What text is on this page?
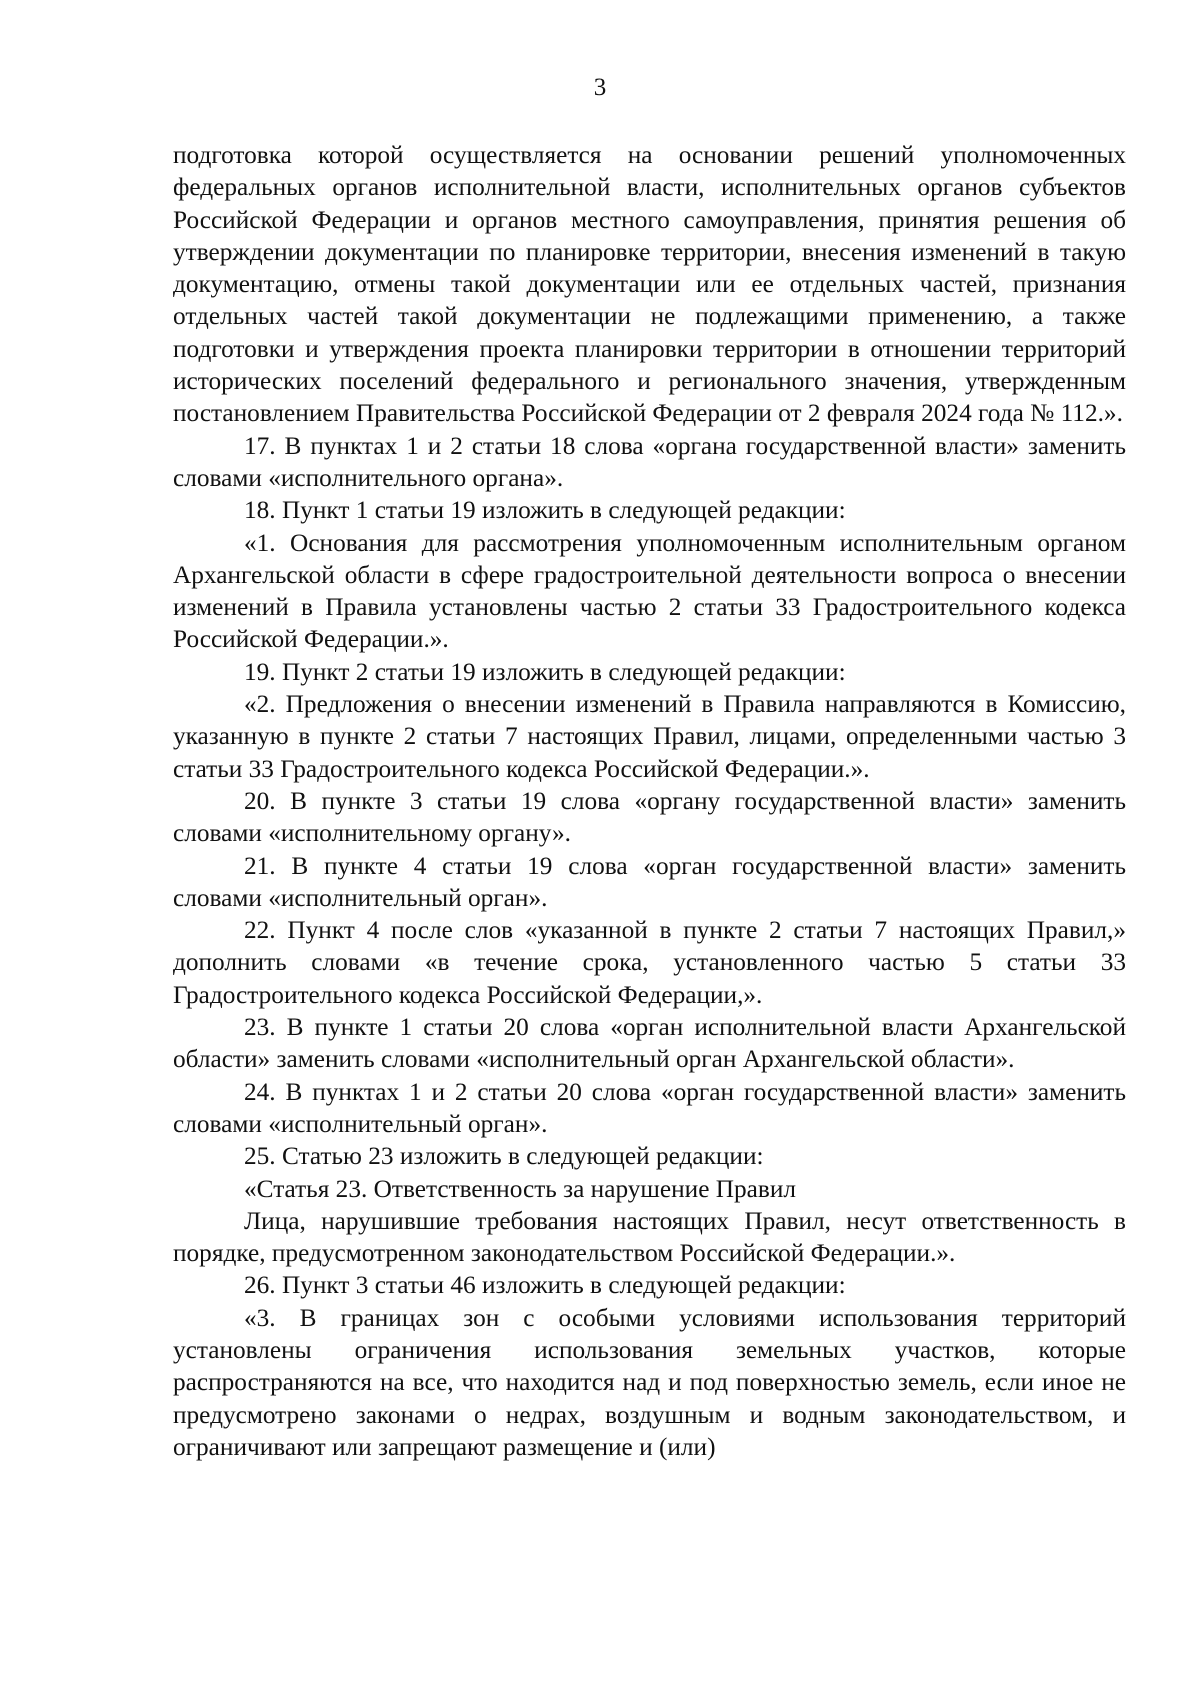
3

подготовка которой осуществляется на основании решений уполномоченных федеральных органов исполнительной власти, исполнительных органов субъектов Российской Федерации и органов местного самоуправления, принятия решения об утверждении документации по планировке территории, внесения изменений в такую документацию, отмены такой документации или ее отдельных частей, признания отдельных частей такой документации не подлежащими применению, а также подготовки и утверждения проекта планировки территории в отношении территорий исторических поселений федерального и регионального значения, утвержденным постановлением Правительства Российской Федерации от 2 февраля 2024 года № 112.».

17. В пунктах 1 и 2 статьи 18 слова «органа государственной власти» заменить словами «исполнительного органа».

18. Пункт 1 статьи 19 изложить в следующей редакции:

«1. Основания для рассмотрения уполномоченным исполнительным органом Архангельской области в сфере градостроительной деятельности вопроса о внесении изменений в Правила установлены частью 2 статьи 33 Градостроительного кодекса Российской Федерации.».

19. Пункт 2 статьи 19 изложить в следующей редакции:

«2. Предложения о внесении изменений в Правила направляются в Комиссию, указанную в пункте 2 статьи 7 настоящих Правил, лицами, определенными частью 3 статьи 33 Градостроительного кодекса Российской Федерации.».

20. В пункте 3 статьи 19 слова «органу государственной власти» заменить словами «исполнительному органу».

21. В пункте 4 статьи 19 слова «орган государственной власти» заменить словами «исполнительный орган».

22. Пункт 4 после слов «указанной в пункте 2 статьи 7 настоящих Правил,» дополнить словами «в течение срока, установленного частью 5 статьи 33 Градостроительного кодекса Российской Федерации,».

23. В пункте 1 статьи 20 слова «орган исполнительной власти Архангельской области» заменить словами «исполнительный орган Архангельской области».

24. В пунктах 1 и 2 статьи 20 слова «орган государственной власти» заменить словами «исполнительный орган».

25. Статью 23 изложить в следующей редакции:

«Статья 23. Ответственность за нарушение Правил

Лица, нарушившие требования настоящих Правил, несут ответственность в порядке, предусмотренном законодательством Российской Федерации.».

26. Пункт 3 статьи 46 изложить в следующей редакции:

«3. В границах зон с особыми условиями использования территорий установлены ограничения использования земельных участков, которые распространяются на все, что находится над и под поверхностью земель, если иное не предусмотрено законами о недрах, воздушным и водным законодательством, и ограничивают или запрещают размещение и (или)
